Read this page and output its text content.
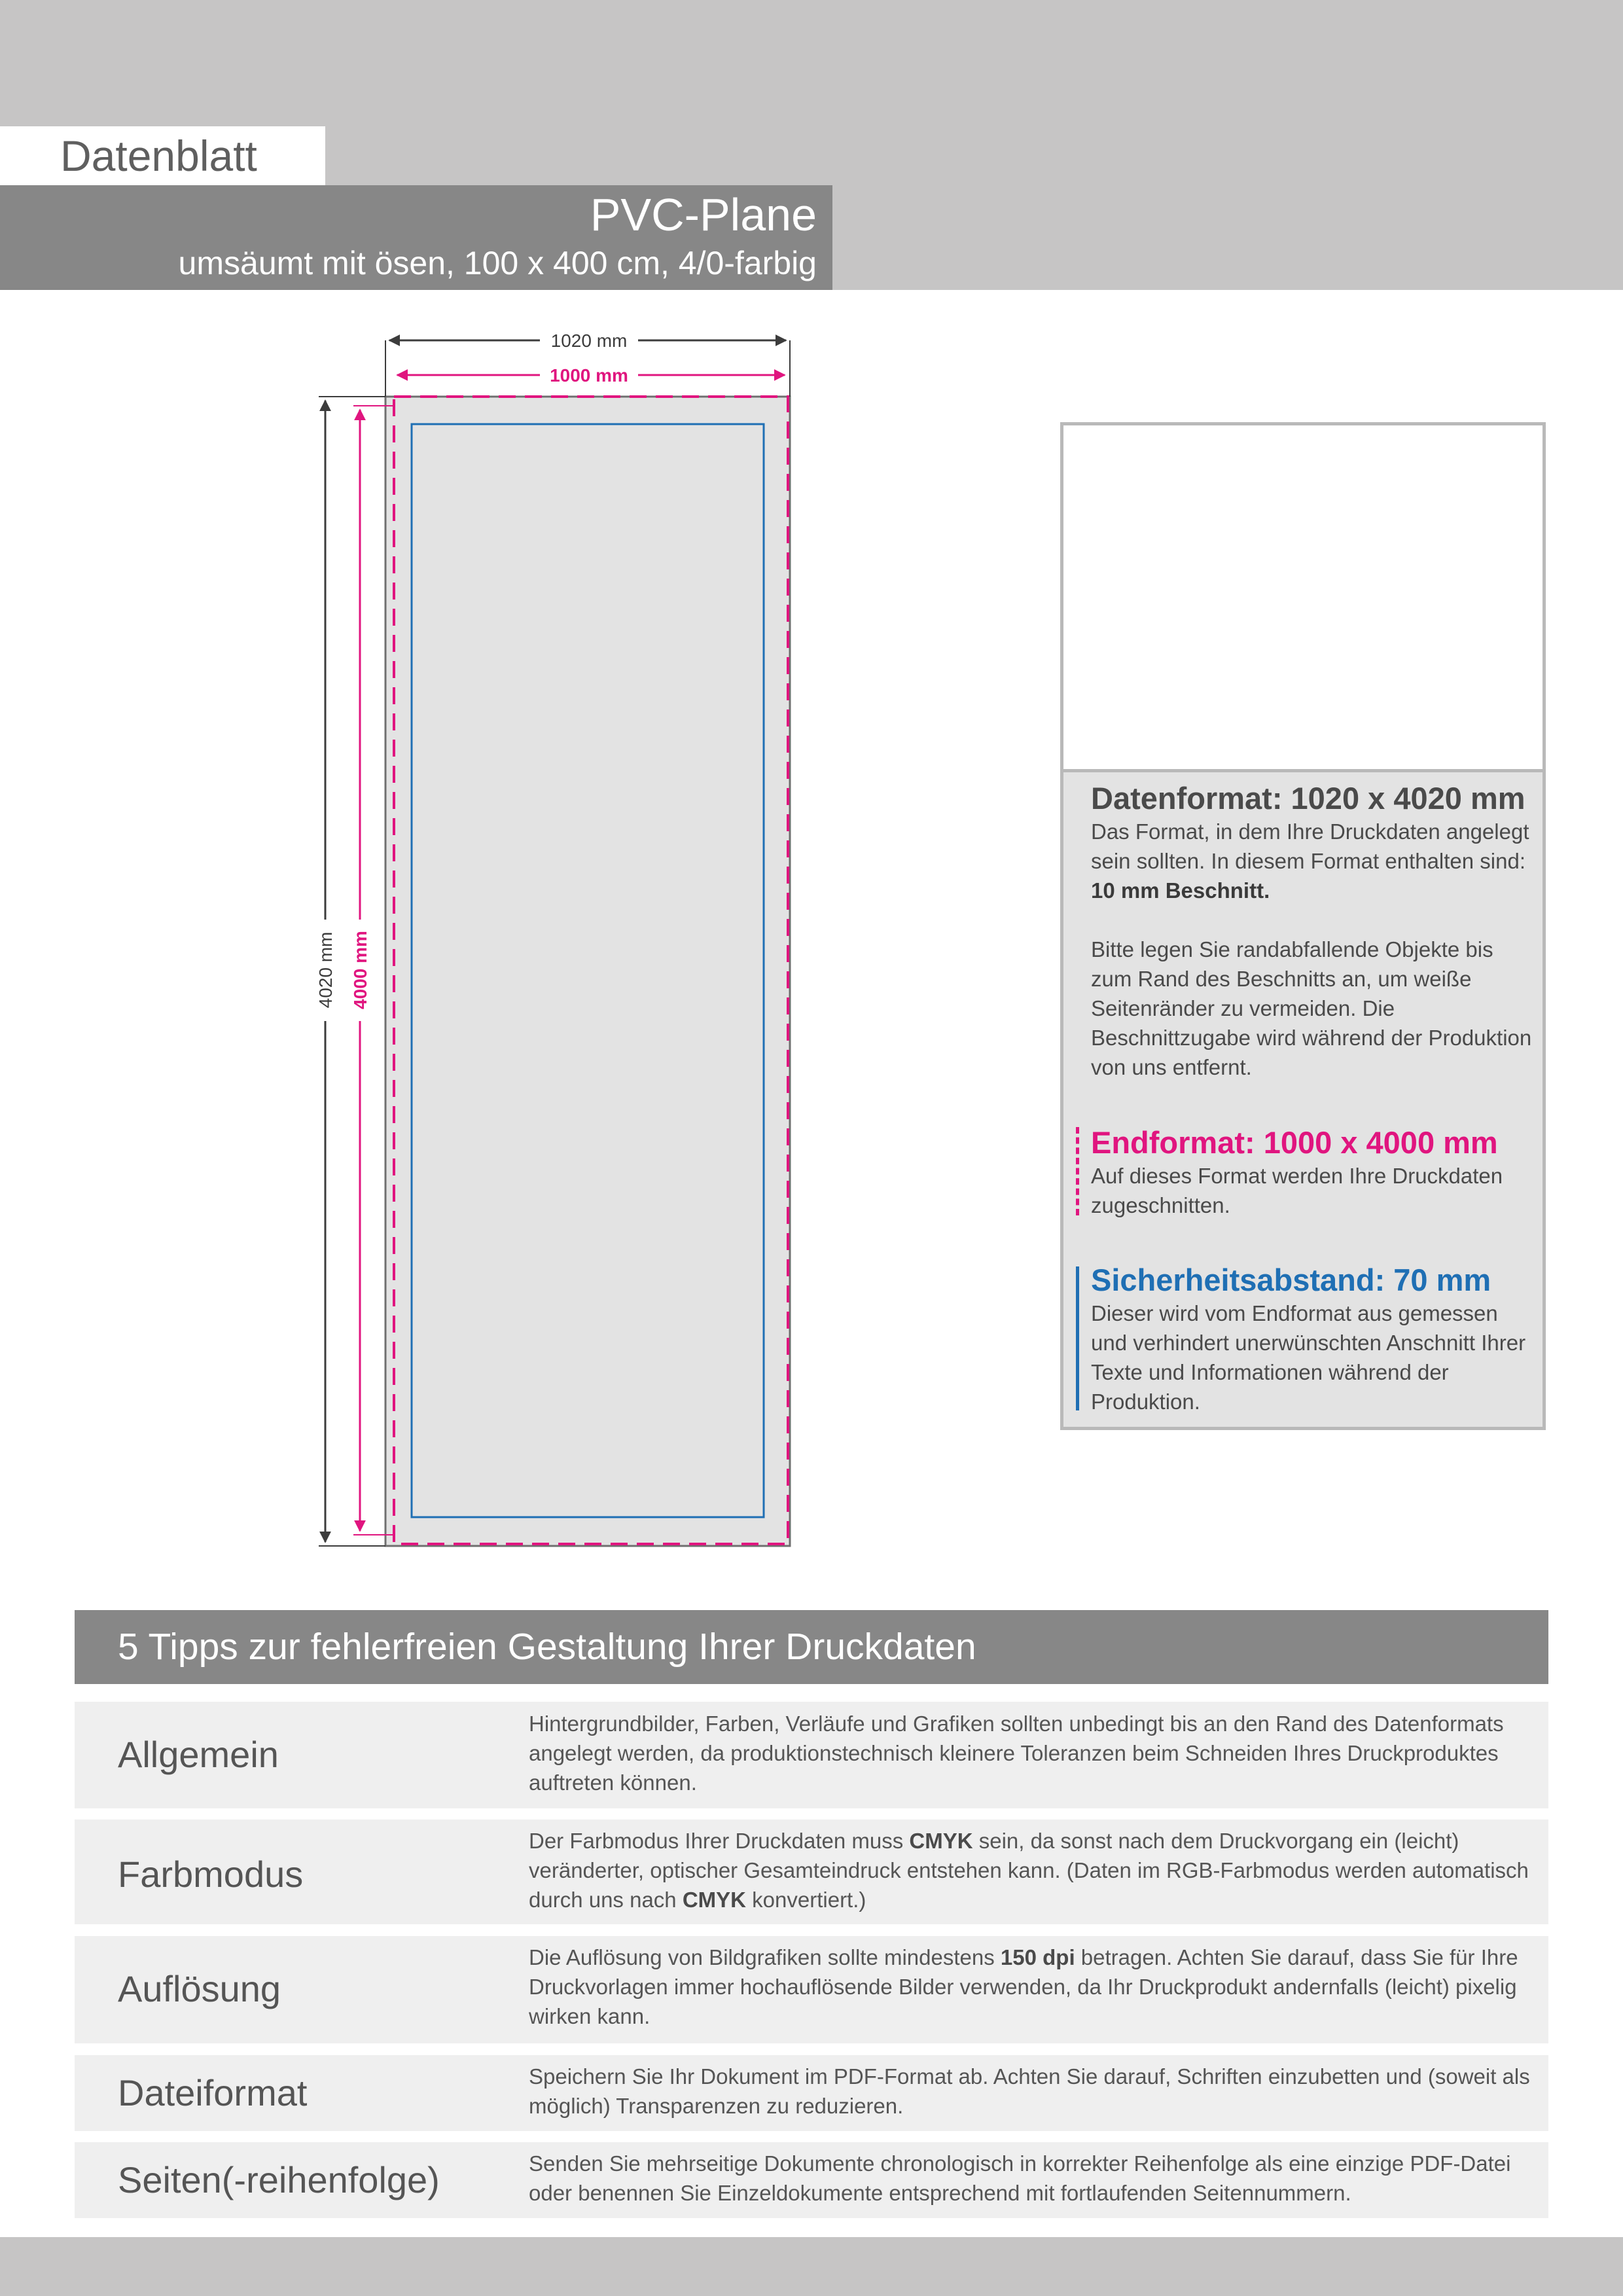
Datenblatt
PVC-Plane
umsäumt mit ösen, 100 x 400 cm, 4/0-farbig
1020 mm
1000 mm
4020 mm 4000 mm
Datenformat: 1020 x 4020 mm
Das Format, in dem Ihre Druckdaten angelegt sein sollten. In diesem Format enthalten sind: 10 mm Beschnitt.
Bitte legen Sie randabfallende Objekte bis zum Rand des Beschnitts an, um weiße Seitenränder zu vermeiden. Die Beschnittzugabe wird während der Produktion von uns entfernt.
Endformat: 1000 x 4000 mm
Auf dieses Format werden Ihre Druckdaten zugeschnitten.
Sicherheitsabstand: 70 mm
Dieser wird vom Endformat aus gemessen und verhindert unerwünschten Anschnitt Ihrer Texte und Informationen während der Produktion.
5 Tipps zur fehlerfreien Gestaltung Ihrer Druckdaten
Allgemein
Hintergrundbilder, Farben, Verläufe und Grafiken sollten unbedingt bis an den Rand des Datenformats angelegt werden, da produktionstechnisch kleinere Toleranzen beim Schneiden Ihres Druckproduktes auftreten können.
Farbmodus
Der Farbmodus Ihrer Druckdaten muss CMYK sein, da sonst nach dem Druckvorgang ein (leicht) veränderter, optischer Gesamteindruck entstehen kann. (Daten im RGB-Farbmodus werden automatisch durch uns nach CMYK konvertiert.)
Auflösung
Die Auflösung von Bildgrafiken sollte mindestens 150 dpi betragen. Achten Sie darauf, dass Sie für Ihre Druckvorlagen immer hochauflösende Bilder verwenden, da Ihr Druckprodukt andernfalls (leicht) pixelig wirken kann.
Dateiformat	Speichern Sie Ihr Dokument im PDF-Format ab. Achten Sie darauf, Schriften einzubetten und (soweit als möglich) Transparenzen zu reduzieren.
Seiten(-reihenfolge)	Senden Sie mehrseitige Dokumente chronologisch in korrekter Reihenfolge als eine einzige PDF-Datei oder benennen Sie Einzeldokumente entsprechend mit fortlaufenden Seitennummern.
